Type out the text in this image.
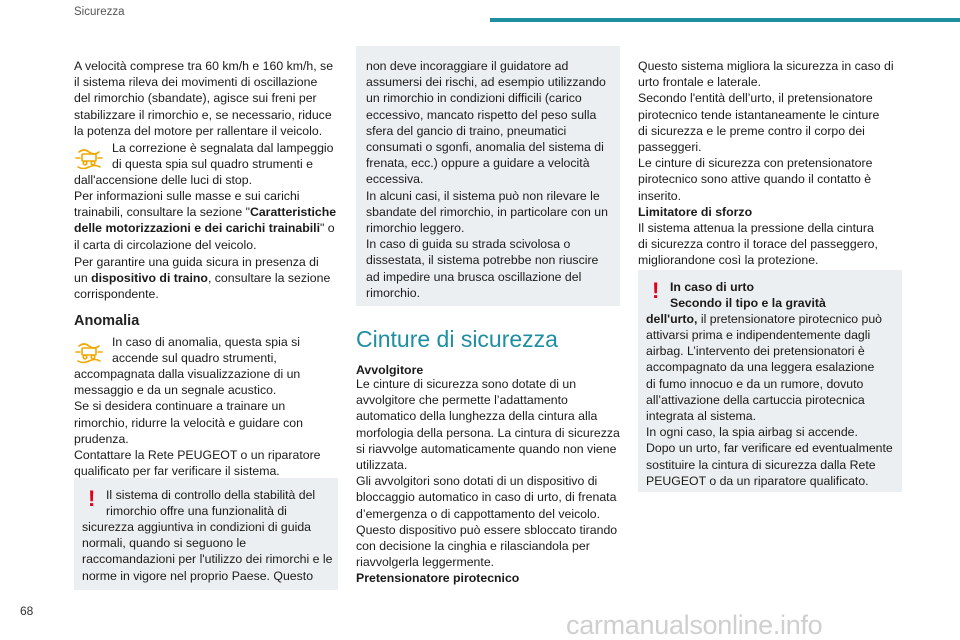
Sicurezza
A velocità comprese tra 60 km/h e 160 km/h, se
il sistema rileva dei movimenti di oscillazione
del rimorchio (sbandate), agisce sui freni per
stabilizzare il rimorchio e, se necessario, riduce
la potenza del motore per rallentare il veicolo.
La correzione è segnalata dal lampeggio
di questa spia sul quadro strumenti e
dall'accensione delle luci di stop.
Per informazioni sulle masse e sui carichi
trainabili, consultare la sezione "Caratteristiche
delle motorizzazioni e dei carichi trainabili" o
il carta di circolazione del veicolo.
Per garantire una guida sicura in presenza di
un dispositivo di traino, consultare la sezione
corrispondente.
Anomalia
In caso di anomalia, questa spia si
accende sul quadro strumenti,
accompagnata dalla visualizzazione di un
messaggio e da un segnale acustico.
Se si desidera continuare a trainare un
rimorchio, ridurre la velocità e guidare con
prudenza.
Contattare la Rete PEUGEOT o un riparatore
qualificato per far verificare il sistema.
! Il sistema di controllo della stabilità del
rimorchio offre una funzionalità di
sicurezza aggiuntiva in condizioni di guida
normali, quando si seguono le
raccomandazioni per l'utilizzo dei rimorchi e le
norme in vigore nel proprio Paese. Questo
non deve incoraggiare il guidatore ad
assumersi dei rischi, ad esempio utilizzando
un rimorchio in condizioni difficili (carico
eccessivo, mancato rispetto del peso sulla
sfera del gancio di traino, pneumatici
consumati o sgonfi, anomalia del sistema di
frenata, ecc.) oppure a guidare a velocità
eccessiva.
In alcuni casi, il sistema può non rilevare le
sbandate del rimorchio, in particolare con un
rimorchio leggero.
In caso di guida su strada scivolosa o
dissestata, il sistema potrebbe non riuscire
ad impedire una brusca oscillazione del
rimorchio.
Cinture di sicurezza
Avvolgitore
Le cinture di sicurezza sono dotate di un
avvolgitore che permette l’adattamento
automatico della lunghezza della cintura alla
morfologia della persona. La cintura di sicurezza
si riavvolge automaticamente quando non viene
utilizzata.
Gli avvolgitori sono dotati di un dispositivo di
bloccaggio automatico in caso di urto, di frenata
d’emergenza o di cappottamento del veicolo.
Questo dispositivo può essere sbloccato tirando
con decisione la cinghia e rilasciandola per
riavvolgerla leggermente.
Pretensionatore pirotecnico
Questo sistema migliora la sicurezza in caso di
urto frontale e laterale.
Secondo l'entità dell’urto, il pretensionatore
pirotecnico tende istantaneamente le cinture
di sicurezza e le preme contro il corpo dei
passeggeri.
Le cinture di sicurezza con pretensionatore
pirotecnico sono attive quando il contatto è
inserito.
Limitatore di sforzo
Il sistema attenua la pressione della cintura
di sicurezza contro il torace del passeggero,
migliorandone così la protezione.
! In caso di urto
Secondo il tipo e la gravità
dell'urto, il pretensionatore pirotecnico può
attivarsi prima e indipendentemente dagli
airbag. L’intervento dei pretensionatori è
accompagnato da una leggera esalazione
di fumo innocuo e da un rumore, dovuto
all’attivazione della cartuccia pirotecnica
integrata al sistema.
In ogni caso, la spia airbag si accende.
Dopo un urto, far verificare ed eventualmente
sostituire la cintura di sicurezza dalla Rete
PEUGEOT o da un riparatore qualificato.
68	carmanualsonline.info
